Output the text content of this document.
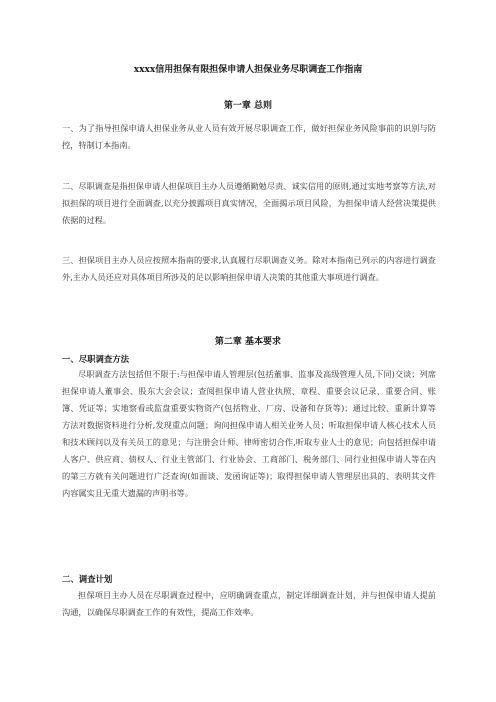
xxxx信用担保有限担保申请人担保业务尽职调查工作指南
第一章 总则
一、为了指导担保申请人担保业务从业人员有效开展尽职调查工作，做好担保业务风险事前的识别与防控，特制订本指南。
二、尽职调查是指担保申请人担保项目主办人员遵循勤勉尽责、诚实信用的原则,通过实地考察等方法,对拟担保的项目进行全面调查,以充分披露项目真实情况，全面揭示项目风险，为担保申请人经营决策提供依据的过程。
三、担保项目主办人员应按照本指南的要求,认真履行尽职调查义务。除对本指南已列示的内容进行调查外,主办人员还应对具体项目所涉及的足以影响担保申请人决策的其他重大事项进行调查。
第二章 基本要求
一、尽职调查方法
尽职调查方法包括但不限于:与担保申请人管理层(包括董事、监事及高级管理人员,下同)交谈；列席担保申请人董事会、股东大会会议；查阅担保申请人营业执照、章程、重要会议记录、重要合同、账簿、凭证等；实地察看或监盘重要实物资产(包括物业、厂房、设备和存货等)；通过比较、重新计算等方法对数据资料进行分析,发现重点问题；询问担保申请人相关业务人员；听取担保申请人核心技术人员和技术顾问以及有关员工的意见；与注册会计师、律师密切合作,听取专业人士的意见；向包括担保申请人客户、供应商、债权人、行业主管部门、行业协会、工商部门、税务部门、同行业担保申请人等在内的第三方就有关问题进行广泛查询(如面谈、发函询证等)；取得担保申请人管理层出具的、表明其文件内容属实且无重大遗漏的声明书等。
二、调查计划
担保项目主办人员在尽职调查过程中，应明确调查重点，制定详细调查计划，并与担保申请人提前沟通，以确保尽职调查工作的有效性，提高工作效率。
